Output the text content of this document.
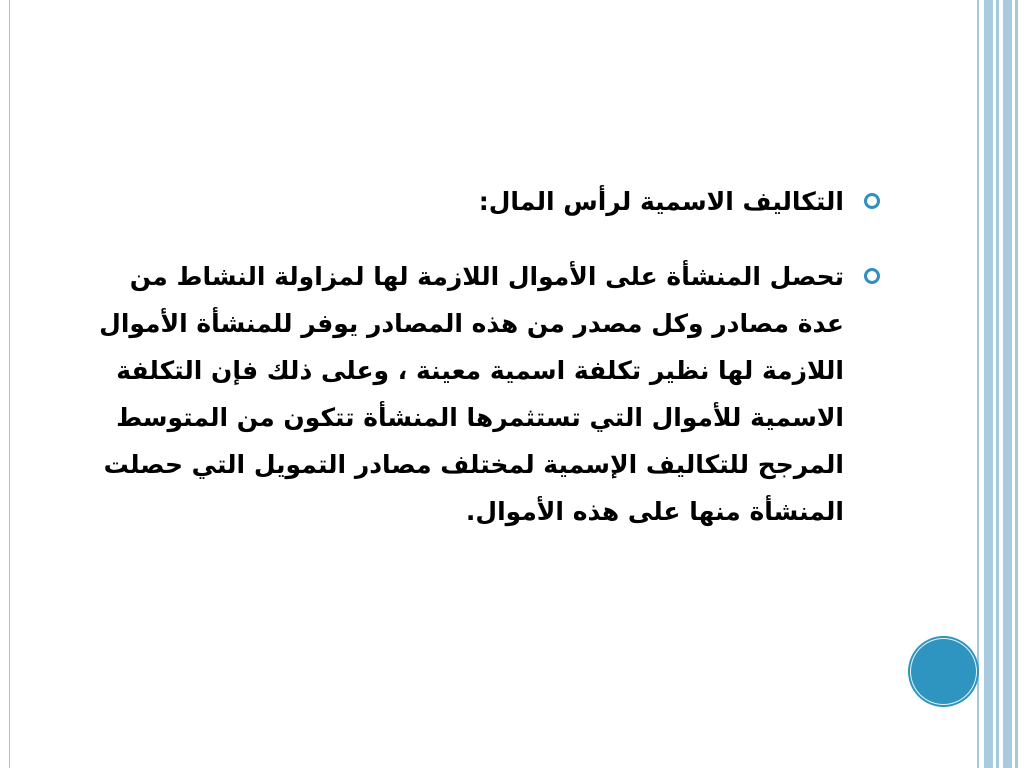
التكاليف الاسمية لرأس المال:
تحصل المنشأة على الأموال اللازمة لها لمزاولة النشاط من عدة مصادر وكل مصدر من هذه المصادر يوفر للمنشأة الأموال اللازمة لها نظير تكلفة اسمية معينة ، وعلى ذلك فإن التكلفة الاسمية للأموال التي تستثمرها المنشأة تتكون من المتوسط المرجح للتكاليف الإسمية لمختلف مصادر التمويل التي حصلت المنشأة منها على هذه الأموال.
